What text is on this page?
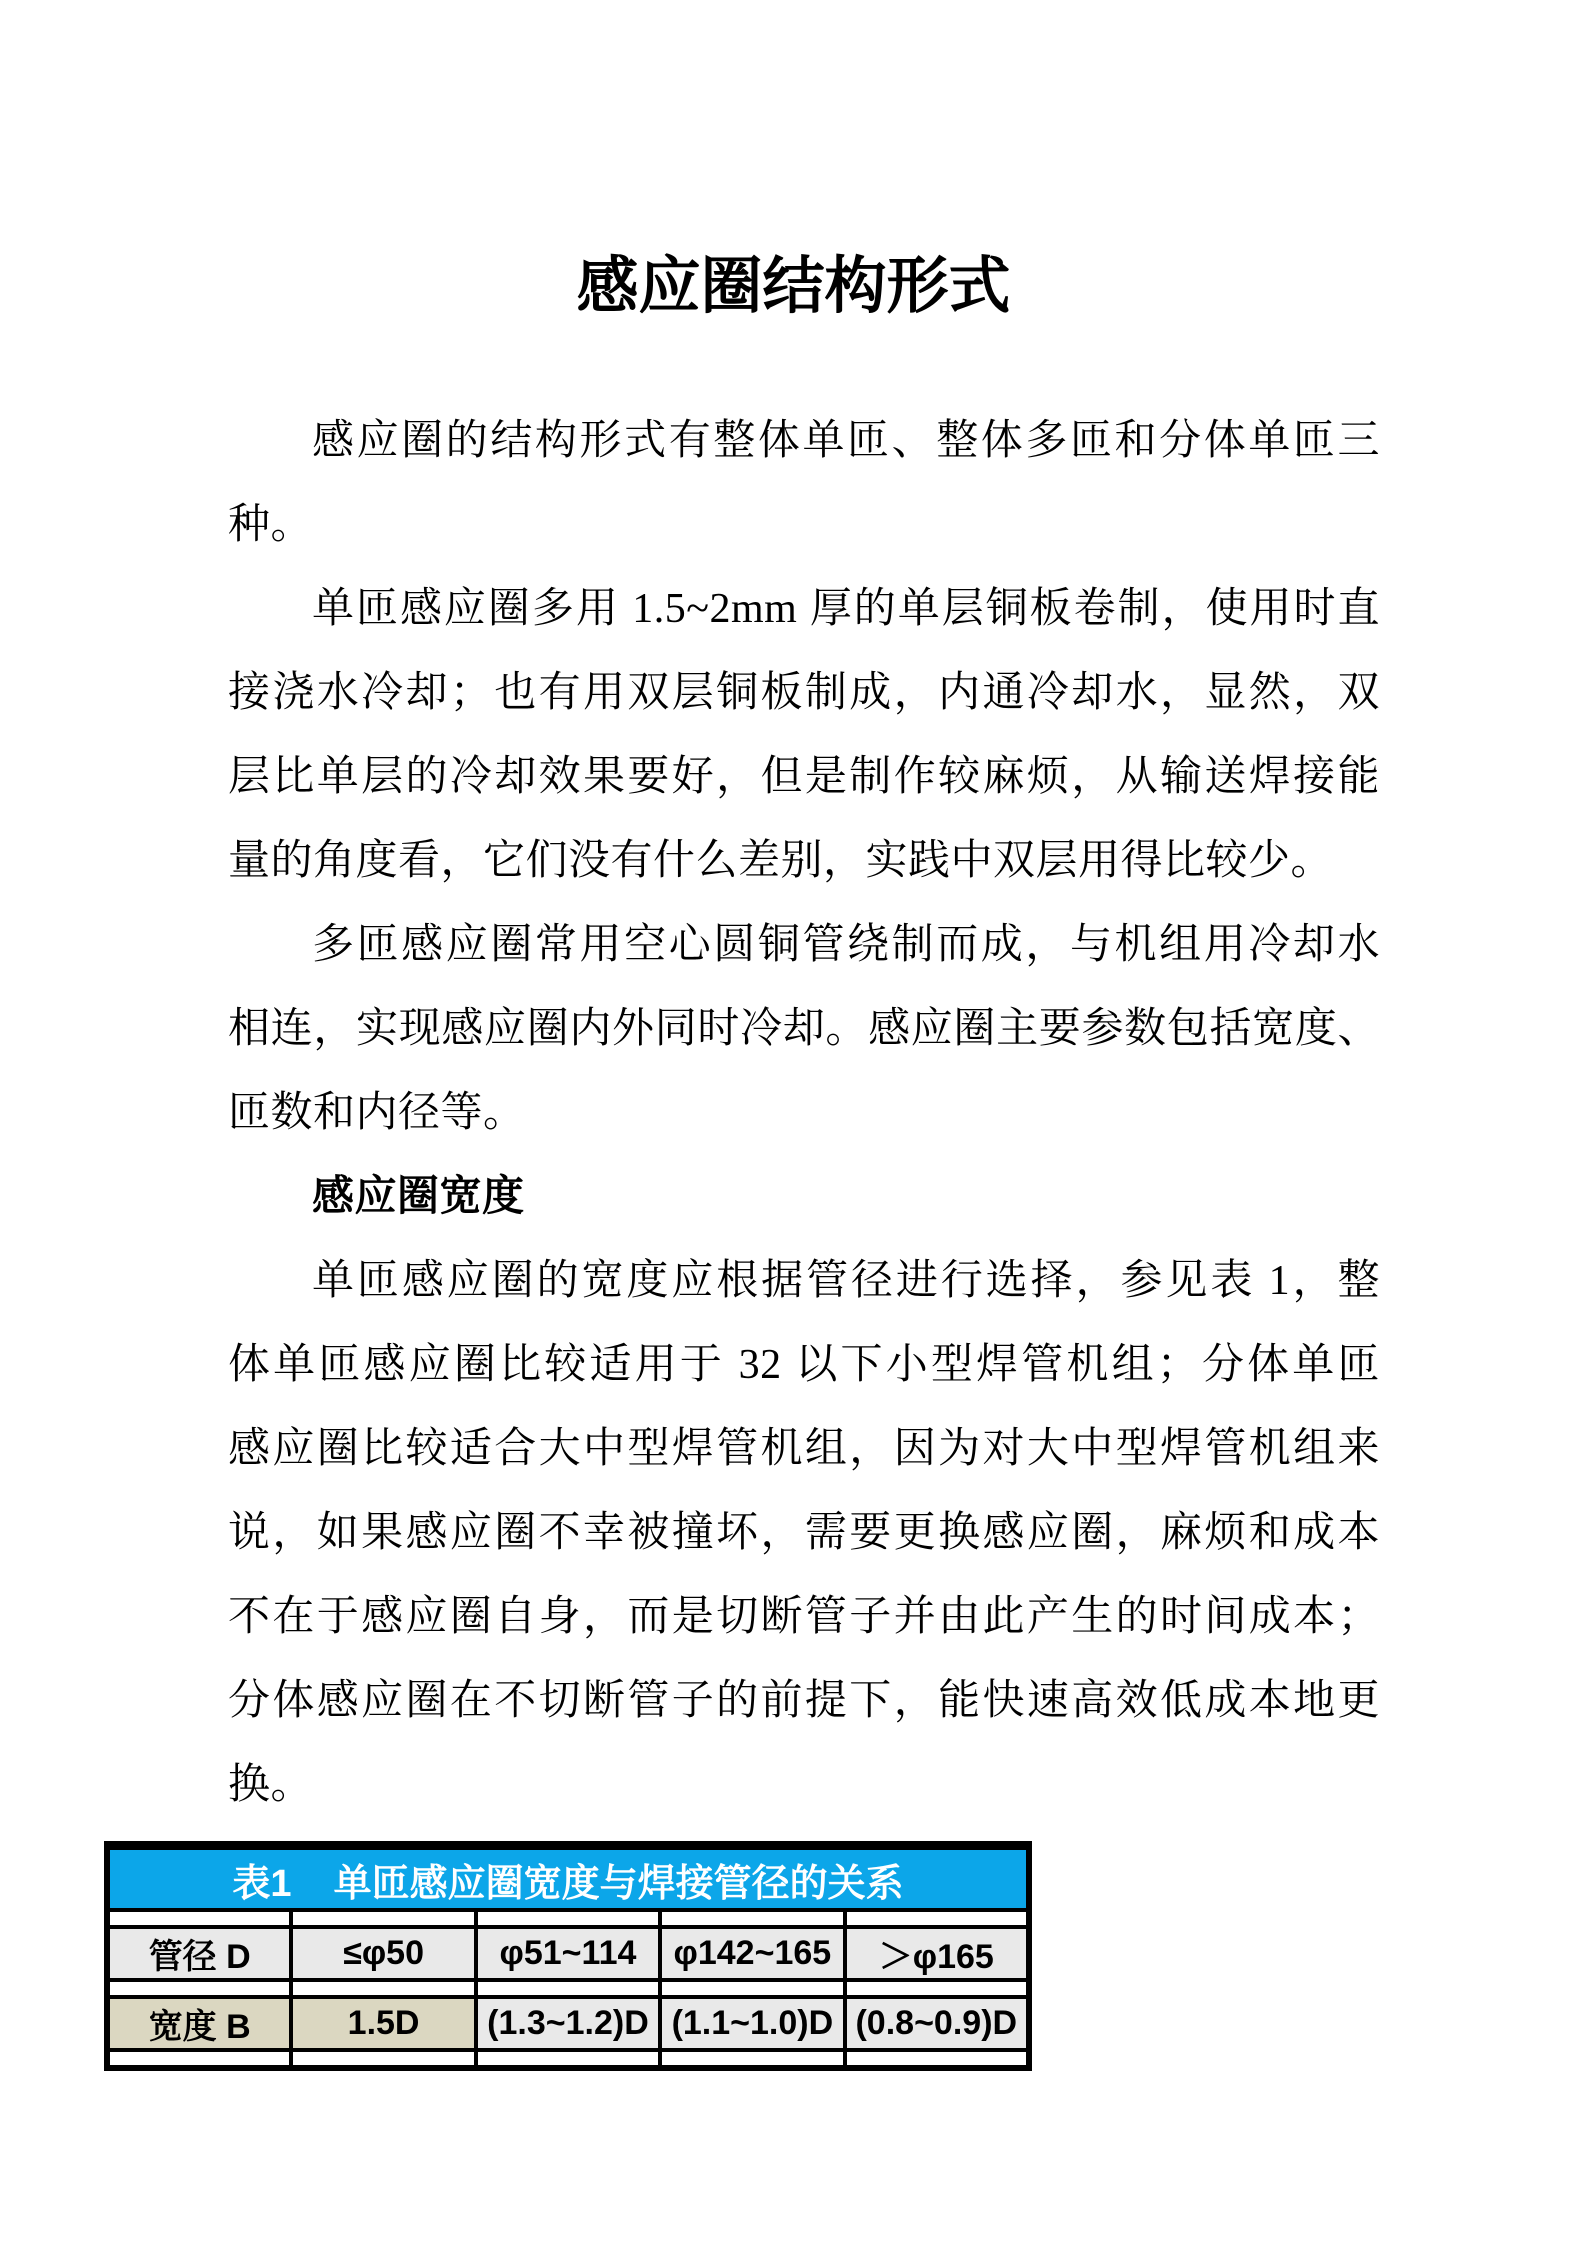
感应圈结构形式
感应圈的结构形式有整体单匝、整体多匝和分体单匝三
种。
单匝感应圈多用 1.5~2mm 厚的单层铜板卷制，使用时直
接浇水冷却；也有用双层铜板制成，内通冷却水，显然，双
层比单层的冷却效果要好，但是制作较麻烦，从输送焊接能
量的角度看，它们没有什么差别，实践中双层用得比较少。
多匝感应圈常用空心圆铜管绕制而成，与机组用冷却水
相连，实现感应圈内外同时冷却。感应圈主要参数包括宽度、
匝数和内径等。
感应圈宽度
单匝感应圈的宽度应根据管径进行选择，参见表 1，整
体单匝感应圈比较适用于 32 以下小型焊管机组；分体单匝
感应圈比较适合大中型焊管机组，因为对大中型焊管机组来
说，如果感应圈不幸被撞坏，需要更换感应圈，麻烦和成本
不在于感应圈自身，而是切断管子并由此产生的时间成本；
分体感应圈在不切断管子的前提下，能快速高效低成本地更
换。
表1 单匝感应圈宽度与焊接管径的关系				

管径 D	≤φ50	φ51~114	φ142~165	＞φ165

宽度 B	1.5D	(1.3~1.2)D	(1.1~1.0)D	(0.8~0.9)D
